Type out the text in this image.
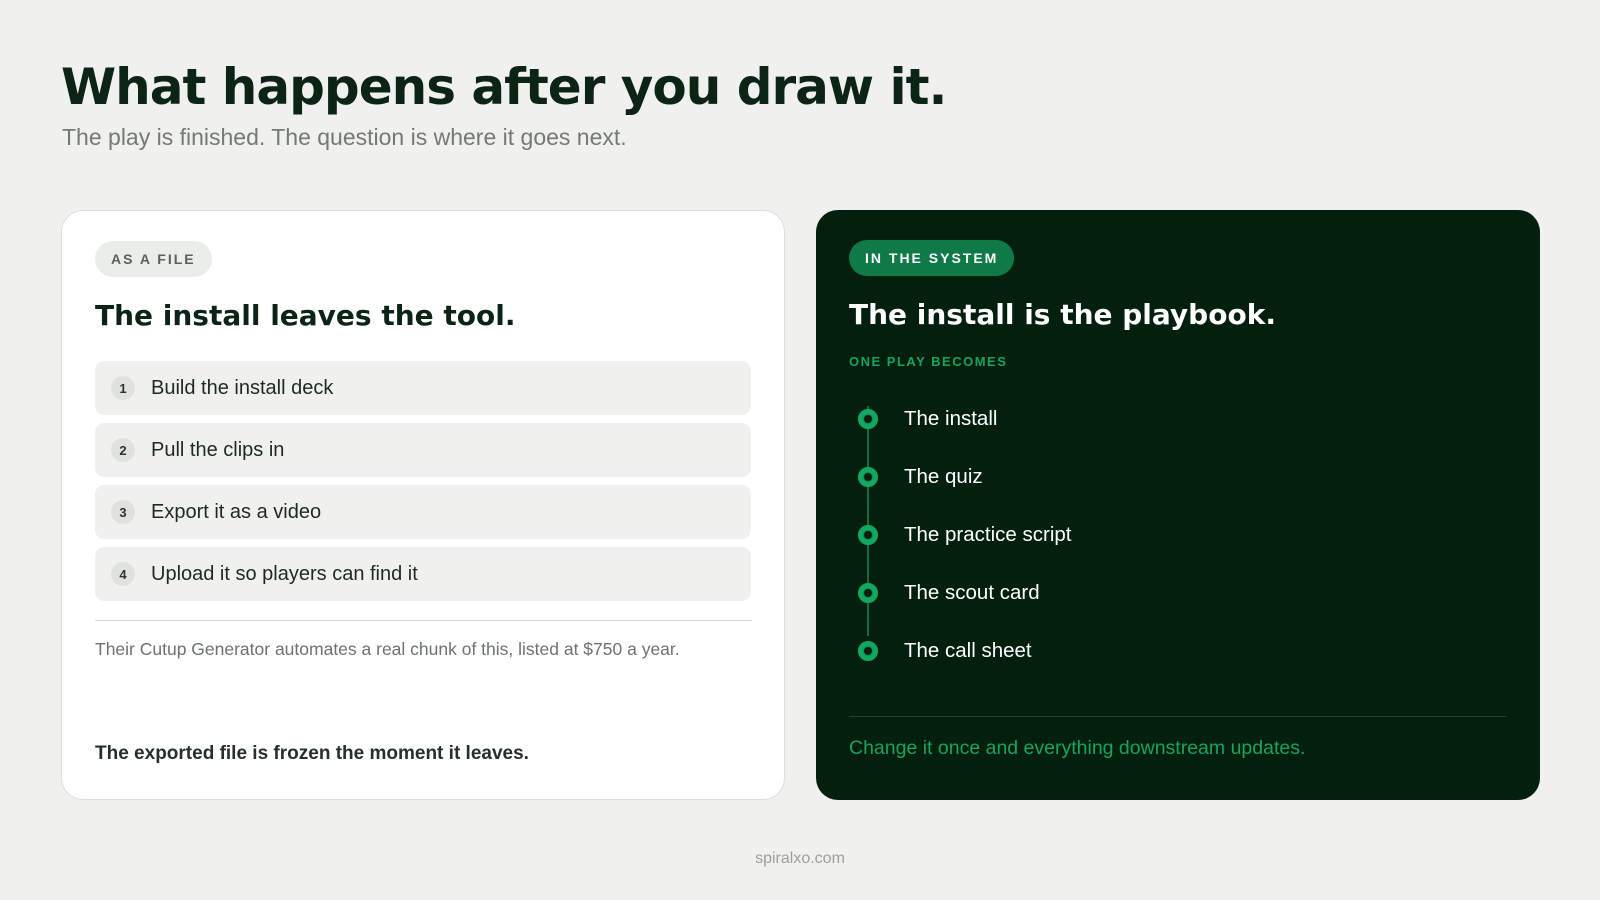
What happens after you draw it.
The play is finished. The question is where it goes next.
AS A FILE
The install leaves the tool.
1	Build the install deck
2	Pull the clips in
3	Export it as a video
4	Upload it so players can find it
Their Cutup Generator automates a real chunk of this, listed at $750 a year.
The exported file is frozen the moment it leaves.
IN THE SYSTEM
The install is the playbook.
ONE PLAY BECOMES
The install
The quiz
The practice script
The scout card
The call sheet
Change it once and everything downstream updates.
spiralxo.com
